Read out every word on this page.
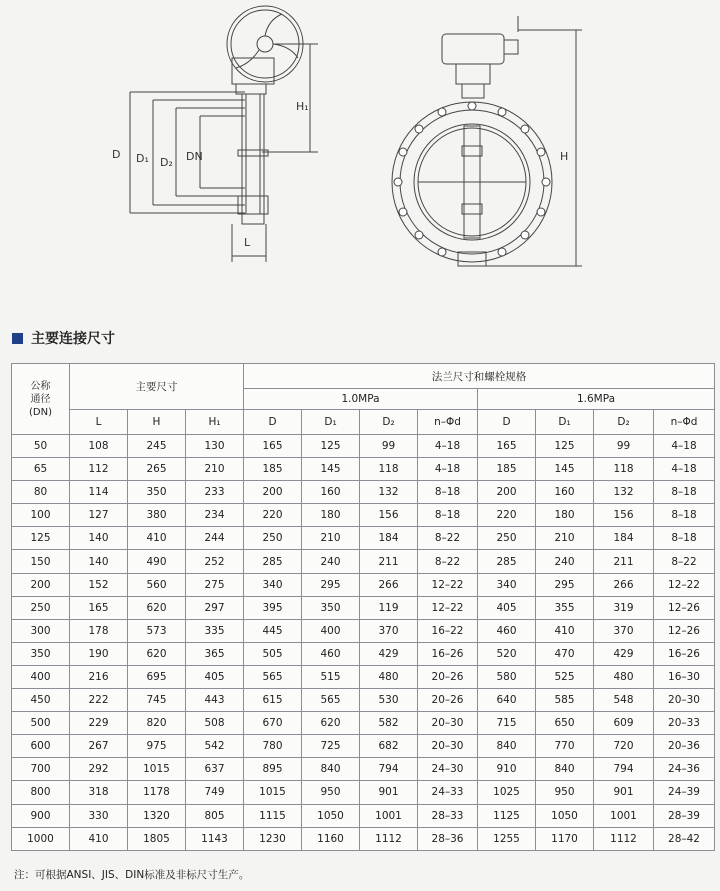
D D₁ D₂ DN
H₁
L
H
主要连接尺寸
公称
通径
(DN)	主要尺寸			法兰尺寸和螺栓规格							
				1.0MPa				1.6MPa			
	L	H	H₁	D	D₁	D₂	n–Φd	D	D₁	D₂	n–Φd
50	108	245	130	165	125	99	4–18	165	125	99	4–18
65	112	265	210	185	145	118	4–18	185	145	118	4–18
80	114	350	233	200	160	132	8–18	200	160	132	8–18
100	127	380	234	220	180	156	8–18	220	180	156	8–18
125	140	410	244	250	210	184	8–22	250	210	184	8–18
150	140	490	252	285	240	211	8–22	285	240	211	8–22
200	152	560	275	340	295	266	12–22	340	295	266	12–22
250	165	620	297	395	350	119	12–22	405	355	319	12–26
300	178	573	335	445	400	370	16–22	460	410	370	12–26
350	190	620	365	505	460	429	16–26	520	470	429	16–26
400	216	695	405	565	515	480	20–26	580	525	480	16–30
450	222	745	443	615	565	530	20–26	640	585	548	20–30
500	229	820	508	670	620	582	20–30	715	650	609	20–33
600	267	975	542	780	725	682	20–30	840	770	720	20–36
700	292	1015	637	895	840	794	24–30	910	840	794	24–36
800	318	1178	749	1015	950	901	24–33	1025	950	901	24–39
900	330	1320	805	1115	1050	1001	28–33	1125	1050	1001	28–39
1000	410	1805	1143	1230	1160	1112	28–36	1255	1170	1112	28–42
注：可根据ANSI、JIS、DIN标准及非标尺寸生产。
